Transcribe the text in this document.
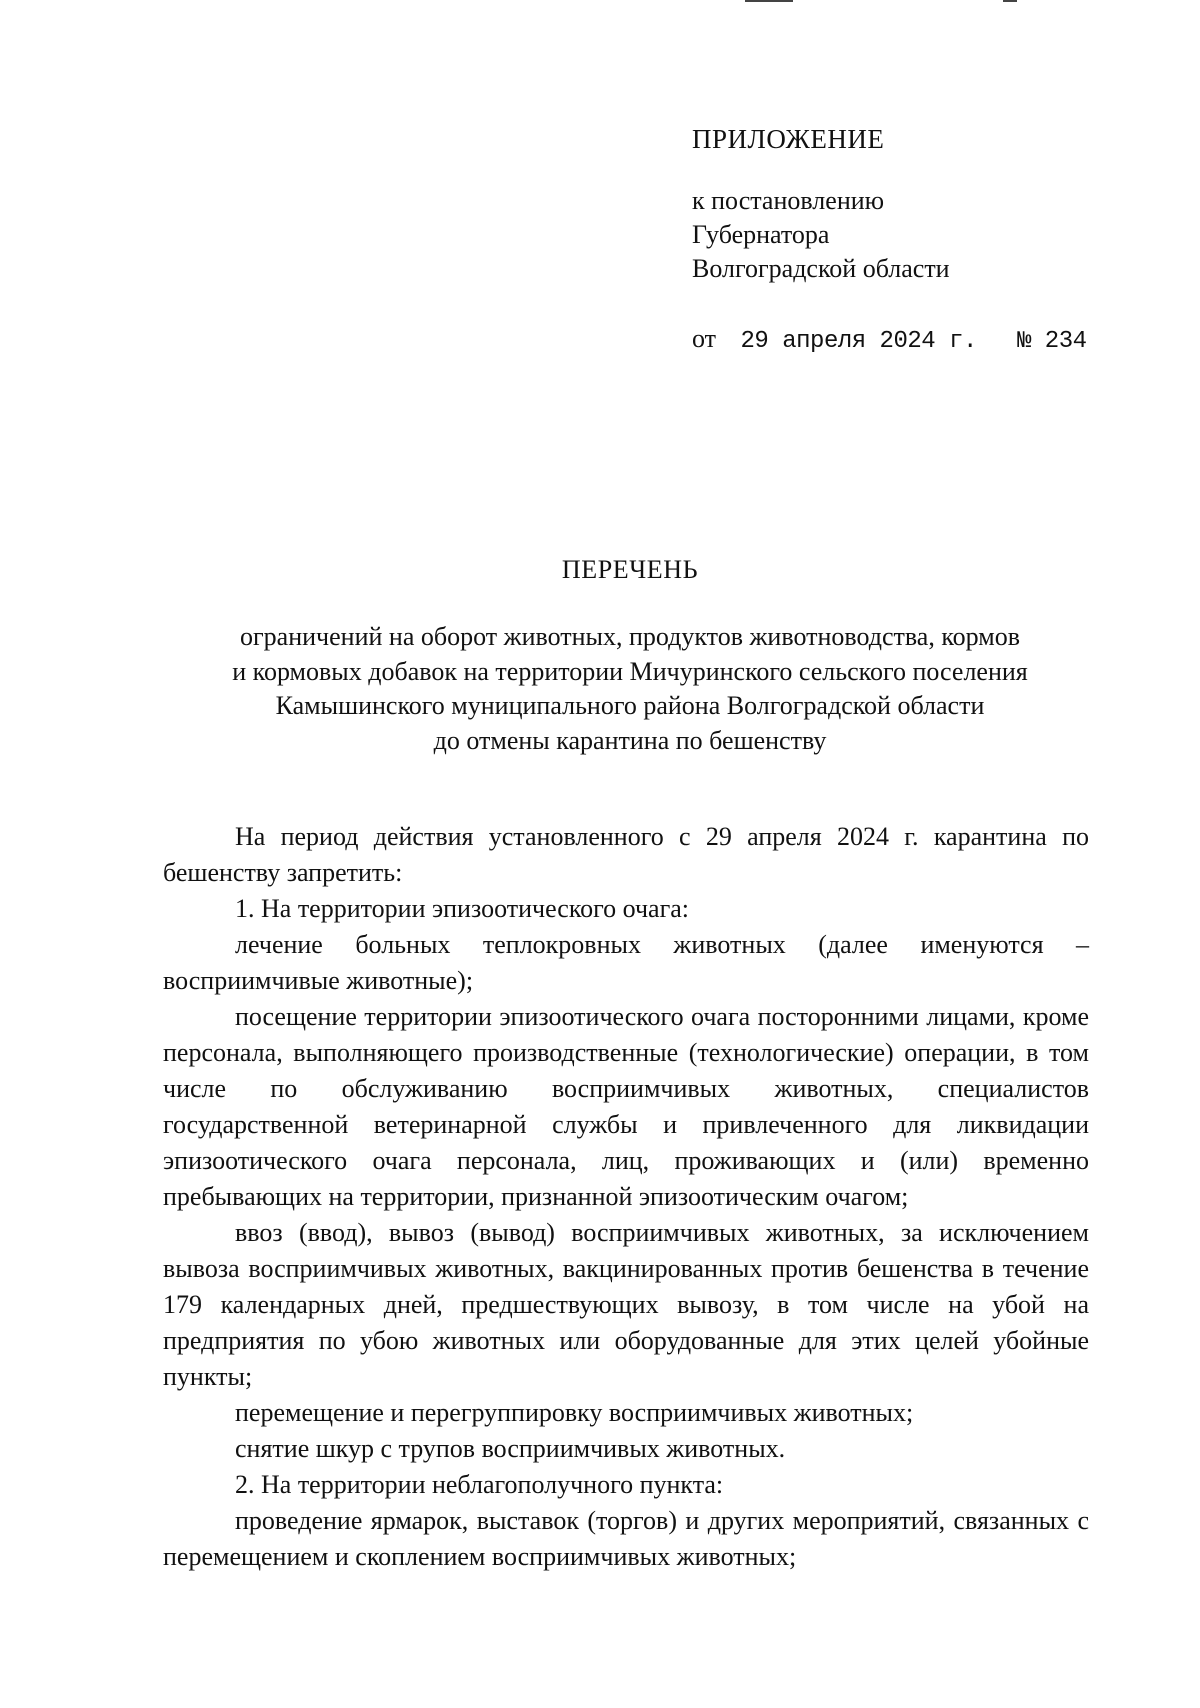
ПРИЛОЖЕНИЕ
к постановлению
Губернатора
Волгоградской области
от 29 апреля 2024 г. № 234
ПЕРЕЧЕНЬ
ограничений на оборот животных, продуктов животноводства, кормов
и кормовых добавок на территории Мичуринского сельского поселения
Камышинского муниципального района Волгоградской области
до отмены карантина по бешенству

На период действия установленного с 29 апреля 2024 г. карантина по бешенству запретить:

1. На территории эпизоотического очага:

лечение больных теплокровных животных (далее именуются – восприимчивые животные);

посещение территории эпизоотического очага посторонними лицами, кроме персонала, выполняющего производственные (технологические) операции, в том числе по обслуживанию восприимчивых животных, специалистов государственной ветеринарной службы и привлеченного для ликвидации эпизоотического очага персонала, лиц, проживающих и (или) временно пребывающих на территории, признанной эпизоотическим очагом;

ввоз (ввод), вывоз (вывод) восприимчивых животных, за исключением вывоза восприимчивых животных, вакцинированных против бешенства в течение 179 календарных дней, предшествующих вывозу, в том числе на убой на предприятия по убою животных или оборудованные для этих целей убойные пункты;

перемещение и перегруппировку восприимчивых животных;

снятие шкур с трупов восприимчивых животных.

2. На территории неблагополучного пункта:

проведение ярмарок, выставок (торгов) и других мероприятий, связанных с перемещением и скоплением восприимчивых животных;
